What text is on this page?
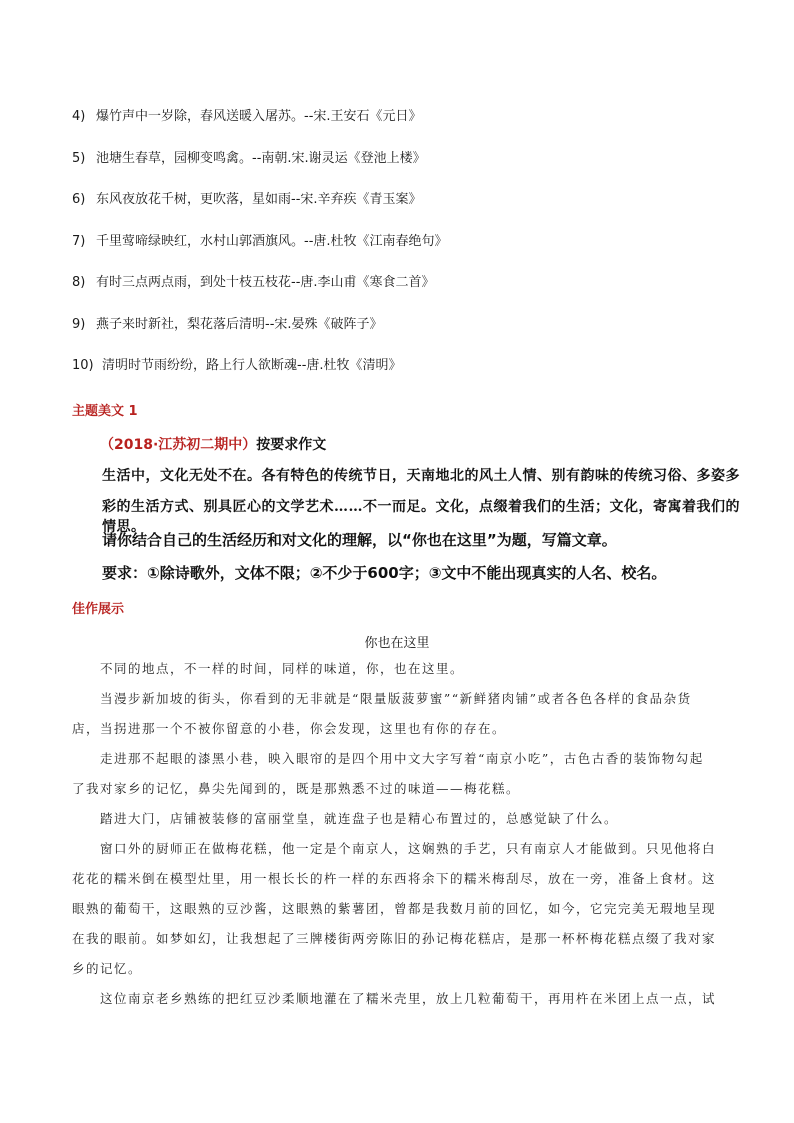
4) 爆竹声中一岁除，春风送暖入屠苏。--宋.王安石《元日》
5) 池塘生春草，园柳变鸣禽。--南朝.宋.谢灵运《登池上楼》
6) 东风夜放花千树，更吹落，星如雨--宋.辛弃疾《青玉案》
7) 千里莺啼绿映红，水村山郭酒旗风。--唐.杜牧《江南春绝句》
8) 有时三点两点雨，到处十枝五枝花--唐.李山甫《寒食二首》
9) 燕子来时新社，梨花落后清明--宋.晏殊《破阵子》
10) 清明时节雨纷纷，路上行人欲断魂--唐.杜牧《清明》
主题美文 1
（2018·江苏初二期中）按要求作文
生活中，文化无处不在。各有特色的传统节日，天南地北的风土人情、别有韵味的传统习俗、多姿多
彩的生活方式、别具匠心的文学艺术……不一而足。文化，点缀着我们的生活；文化，寄寓着我们的情思。
请你结合自己的生活经历和对文化的理解，以“你也在这里”为题，写篇文章。
要求：①除诗歌外，文体不限；②不少于600字；③文中不能出现真实的人名、校名。
佳作展示
你也在这里
不同的地点，不一样的时间，同样的味道，你，也在这里。
当漫步新加坡的街头，你看到的无非就是“限量版菠萝蜜”“新鲜猪肉铺”或者各色各样的食品杂货
店，当拐进那一个不被你留意的小巷，你会发现，这里也有你的存在。
走进那不起眼的漆黑小巷，映入眼帘的是四个用中文大字写着“南京小吃”，古色古香的装饰物勾起
了我对家乡的记忆，鼻尖先闻到的，既是那熟悉不过的味道——梅花糕。
踏进大门，店铺被装修的富丽堂皇，就连盘子也是精心布置过的，总感觉缺了什么。
窗口外的厨师正在做梅花糕，他一定是个南京人，这娴熟的手艺，只有南京人才能做到。只见他将白
花花的糯米倒在模型灶里，用一根长长的杵一样的东西将余下的糯米梅刮尽，放在一旁，准备上食材。这
眼熟的葡萄干，这眼熟的豆沙酱，这眼熟的紫薯团，曾都是我数月前的回忆，如今，它完完美无瑕地呈现
在我的眼前。如梦如幻，让我想起了三牌楼街两旁陈旧的孙记梅花糕店，是那一杯杯梅花糕点缀了我对家
乡的记忆。
这位南京老乡熟练的把红豆沙柔顺地灌在了糯米壳里，放上几粒葡萄干，再用杵在米团上点一点，试
